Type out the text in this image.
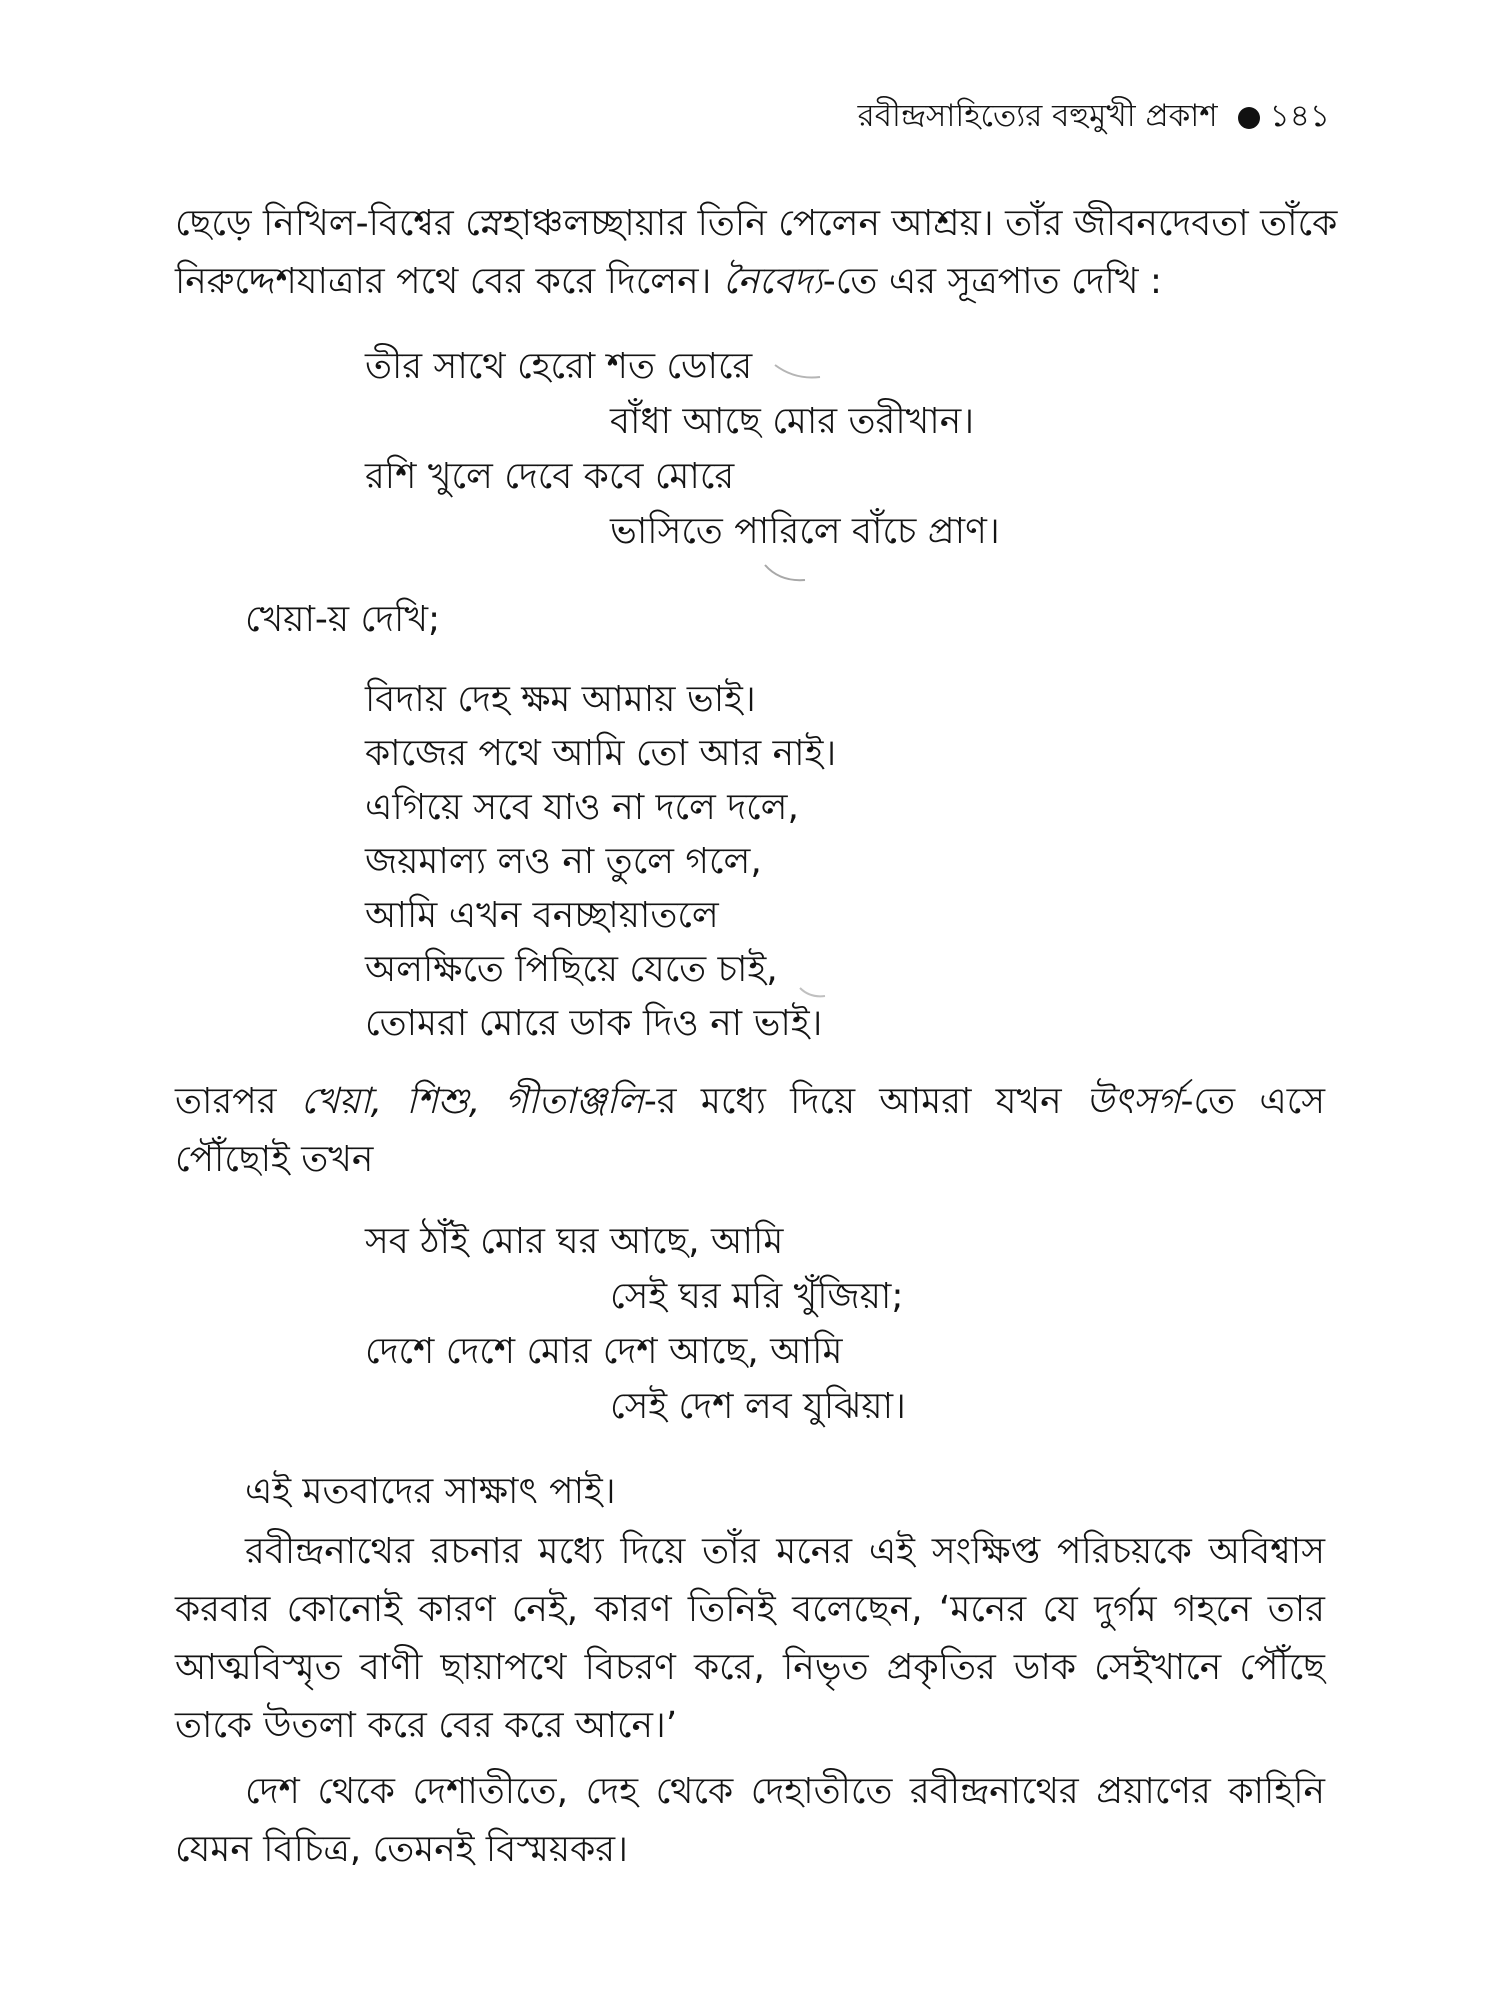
রবীন্দ্রসাহিত্যের বহুমুখী প্রকাশ ১৪১
ছেড়ে নিখিল-বিশ্বের স্নেহাঞ্চলচ্ছায়ার তিনি পেলেন আশ্রয়। তাঁর জীবনদেবতা তাঁকে
নিরুদ্দেশযাত্রার পথে বের করে দিলেন। নৈবেদ্য-তে এর সূত্রপাত দেখি :
তীর সাথে হেরো শত ডোরে
বাঁধা আছে মোর তরীখান।
রশি খুলে দেবে কবে মোরে
ভাসিতে পারিলে বাঁচে প্রাণ।
খেয়া-য় দেখি;
বিদায় দেহ ক্ষম আমায় ভাই।
কাজের পথে আমি তো আর নাই।
এগিয়ে সবে যাও না দলে দলে,
জয়মাল্য লও না তুলে গলে,
আমি এখন বনচ্ছায়াতলে
অলক্ষিতে পিছিয়ে যেতে চাই,
তোমরা মোরে ডাক দিও না ভাই।
তারপর খেয়া, শিশু, গীতাঞ্জলি-র মধ্যে দিয়ে আমরা যখন উৎসর্গ-তে এসে
পৌঁছোই তখন
সব ঠাঁই মোর ঘর আছে, আমি
সেই ঘর মরি খুঁজিয়া;
দেশে দেশে মোর দেশ আছে, আমি
সেই দেশ লব যুঝিয়া।
এই মতবাদের সাক্ষাৎ পাই।
রবীন্দ্রনাথের রচনার মধ্যে দিয়ে তাঁর মনের এই সংক্ষিপ্ত পরিচয়কে অবিশ্বাস
করবার কোনোই কারণ নেই, কারণ তিনিই বলেছেন, ‘মনের যে দুর্গম গহনে তার
আত্মবিস্মৃত বাণী ছায়াপথে বিচরণ করে, নিভৃত প্রকৃতির ডাক সেইখানে পৌঁছে
তাকে উতলা করে বের করে আনে।’
দেশ থেকে দেশাতীতে, দেহ থেকে দেহাতীতে রবীন্দ্রনাথের প্রয়াণের কাহিনি
যেমন বিচিত্র, তেমনই বিস্ময়কর।
